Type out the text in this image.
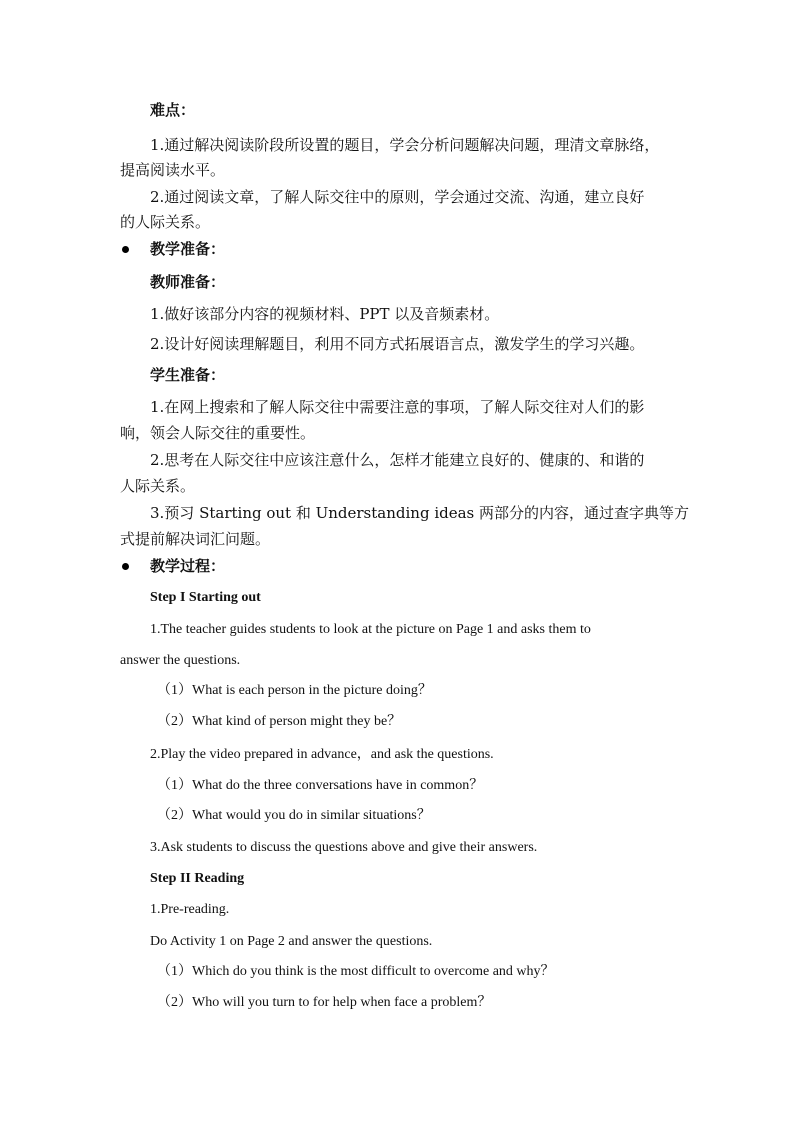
难点：
1.通过解决阅读阶段所设置的题目，学会分析问题解决问题，理清文章脉络，
提高阅读水平。
2.通过阅读文章，了解人际交往中的原则，学会通过交流、沟通，建立良好
的人际关系。
教学准备：
教师准备：
1.做好该部分内容的视频材料、PPT 以及音频素材。
2.设计好阅读理解题目，利用不同方式拓展语言点，激发学生的学习兴趣。
学生准备：
1.在网上搜索和了解人际交往中需要注意的事项，了解人际交往对人们的影
响，领会人际交往的重要性。
2.思考在人际交往中应该注意什么，怎样才能建立良好的、健康的、和谐的
人际关系。
3.预习 Starting out 和 Understanding ideas 两部分的内容，通过查字典等方
式提前解决词汇问题。
教学过程：
Step I Starting out
1.The teacher guides students to look at the picture on Page 1 and asks them to
answer the questions.
（1）What is each person in the picture doing？
（2）What kind of person might they be？
2.Play the video prepared in advance，and ask the questions.
（1）What do the three conversations have in common？
（2）What would you do in similar situations？
3.Ask students to discuss the questions above and give their answers.
Step II Reading
1.Pre-reading.
Do Activity 1 on Page 2 and answer the questions.
（1）Which do you think is the most difficult to overcome and why？
（2）Who will you turn to for help when face a problem？
